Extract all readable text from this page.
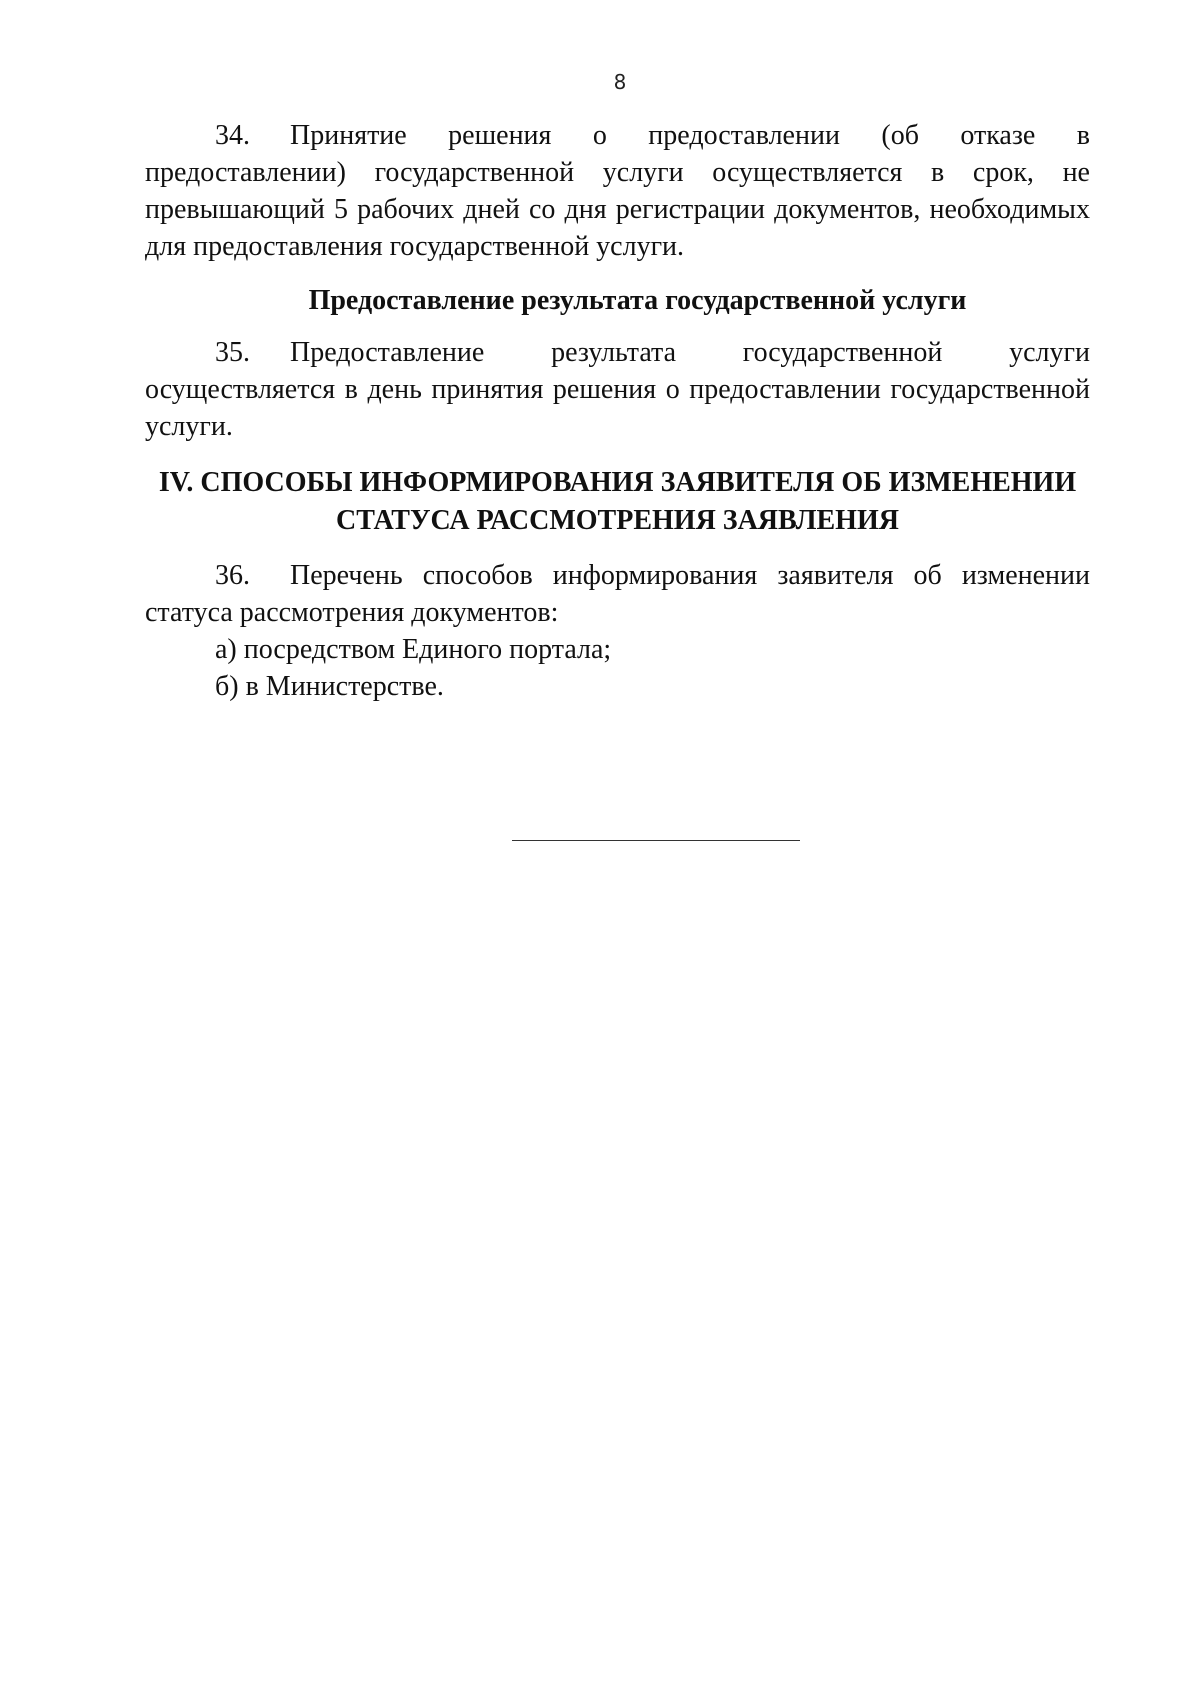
8

34. Принятие решения о предоставлении (об отказе в предоставлении) государственной услуги осуществляется в срок, не превышающий 5 рабочих дней со дня регистрации документов, необходимых для предоставления государственной услуги.

Предоставление результата государственной услуги

35. Предоставление результата государственной услуги осуществляется в день принятия решения о предоставлении государственной услуги.

IV. СПОСОБЫ ИНФОРМИРОВАНИЯ ЗАЯВИТЕЛЯ ОБ ИЗМЕНЕНИИ
СТАТУСА РАССМОТРЕНИЯ ЗАЯВЛЕНИЯ

36. Перечень способов информирования заявителя об изменении статуса рассмотрения документов:

а) посредством Единого портала;

б) в Министерстве.
